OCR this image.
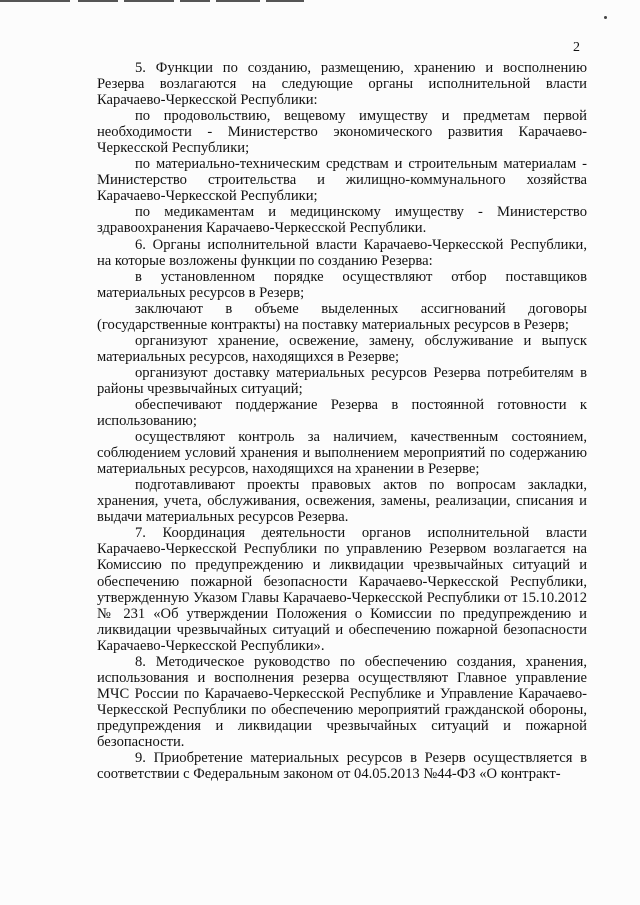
2

5. Функции по созданию, размещению, хранению и восполнению Резерва возлагаются на следующие органы исполнительной власти Карачаево-Черкесской Республики:

по продовольствию, вещевому имуществу и предметам первой необходимости - Министерство экономического развития Карачаево-Черкесской Республики;

по материально-техническим средствам и строительным материалам - Министерство строительства и жилищно-коммунального хозяйства Карачаево-Черкесской Республики;

по медикаментам и медицинскому имуществу - Министерство здравоохранения Карачаево-Черкесской Республики.

6. Органы исполнительной власти Карачаево-Черкесской Республики, на которые возложены функции по созданию Резерва:

в установленном порядке осуществляют отбор поставщиков материальных ресурсов в Резерв;

заключают в объеме выделенных ассигнований договоры (государственные контракты) на поставку материальных ресурсов в Резерв;

организуют хранение, освежение, замену, обслуживание и выпуск материальных ресурсов, находящихся в Резерве;

организуют доставку материальных ресурсов Резерва потребителям в районы чрезвычайных ситуаций;

обеспечивают поддержание Резерва в постоянной готовности к использованию;

осуществляют контроль за наличием, качественным состоянием, соблюдением условий хранения и выполнением мероприятий по содержанию материальных ресурсов, находящихся на хранении в Резерве;

подготавливают проекты правовых актов по вопросам закладки, хранения, учета, обслуживания, освежения, замены, реализации, списания и выдачи материальных ресурсов Резерва.

7. Координация деятельности органов исполнительной власти Карачаево-Черкесской Республики по управлению Резервом возлагается на Комиссию по предупреждению и ликвидации чрезвычайных ситуаций и обеспечению пожарной безопасности Карачаево-Черкесской Республики, утвержденную Указом Главы Карачаево-Черкесской Республики от 15.10.2012 № 231 «Об утверждении Положения о Комиссии по предупреждению и ликвидации чрезвычайных ситуаций и обеспечению пожарной безопасности Карачаево-Черкесской Республики».

8. Методическое руководство по обеспечению создания, хранения, использования и восполнения резерва осуществляют Главное управление МЧС России по Карачаево-Черкесской Республике и Управление Карачаево-Черкесской Республики по обеспечению мероприятий гражданской обороны, предупреждения и ликвидации чрезвычайных ситуаций и пожарной безопасности.

9. Приобретение материальных ресурсов в Резерв осуществляется в соответствии с Федеральным законом от 04.05.2013 №44-ФЗ «О контракт-
